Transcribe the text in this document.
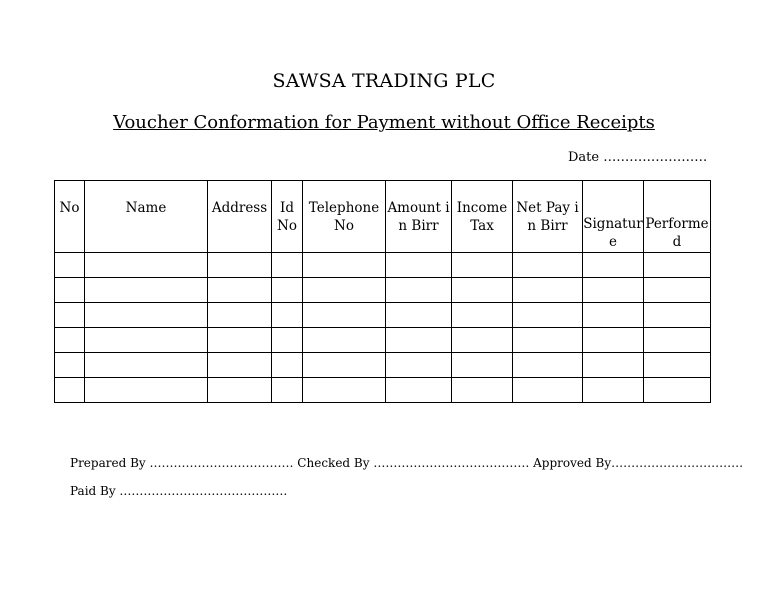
SAWSA TRADING PLC
Voucher Conformation for Payment without Office Receipts
Date ……………………
No	Name	Address	Id No	Telephone No	Amount in Birr	Income Tax	Net Pay in Birr	Signature	Performed

Prepared By ……………………………… Checked By ………………………………… Approved By……………………………
Paid By ……………………………………
